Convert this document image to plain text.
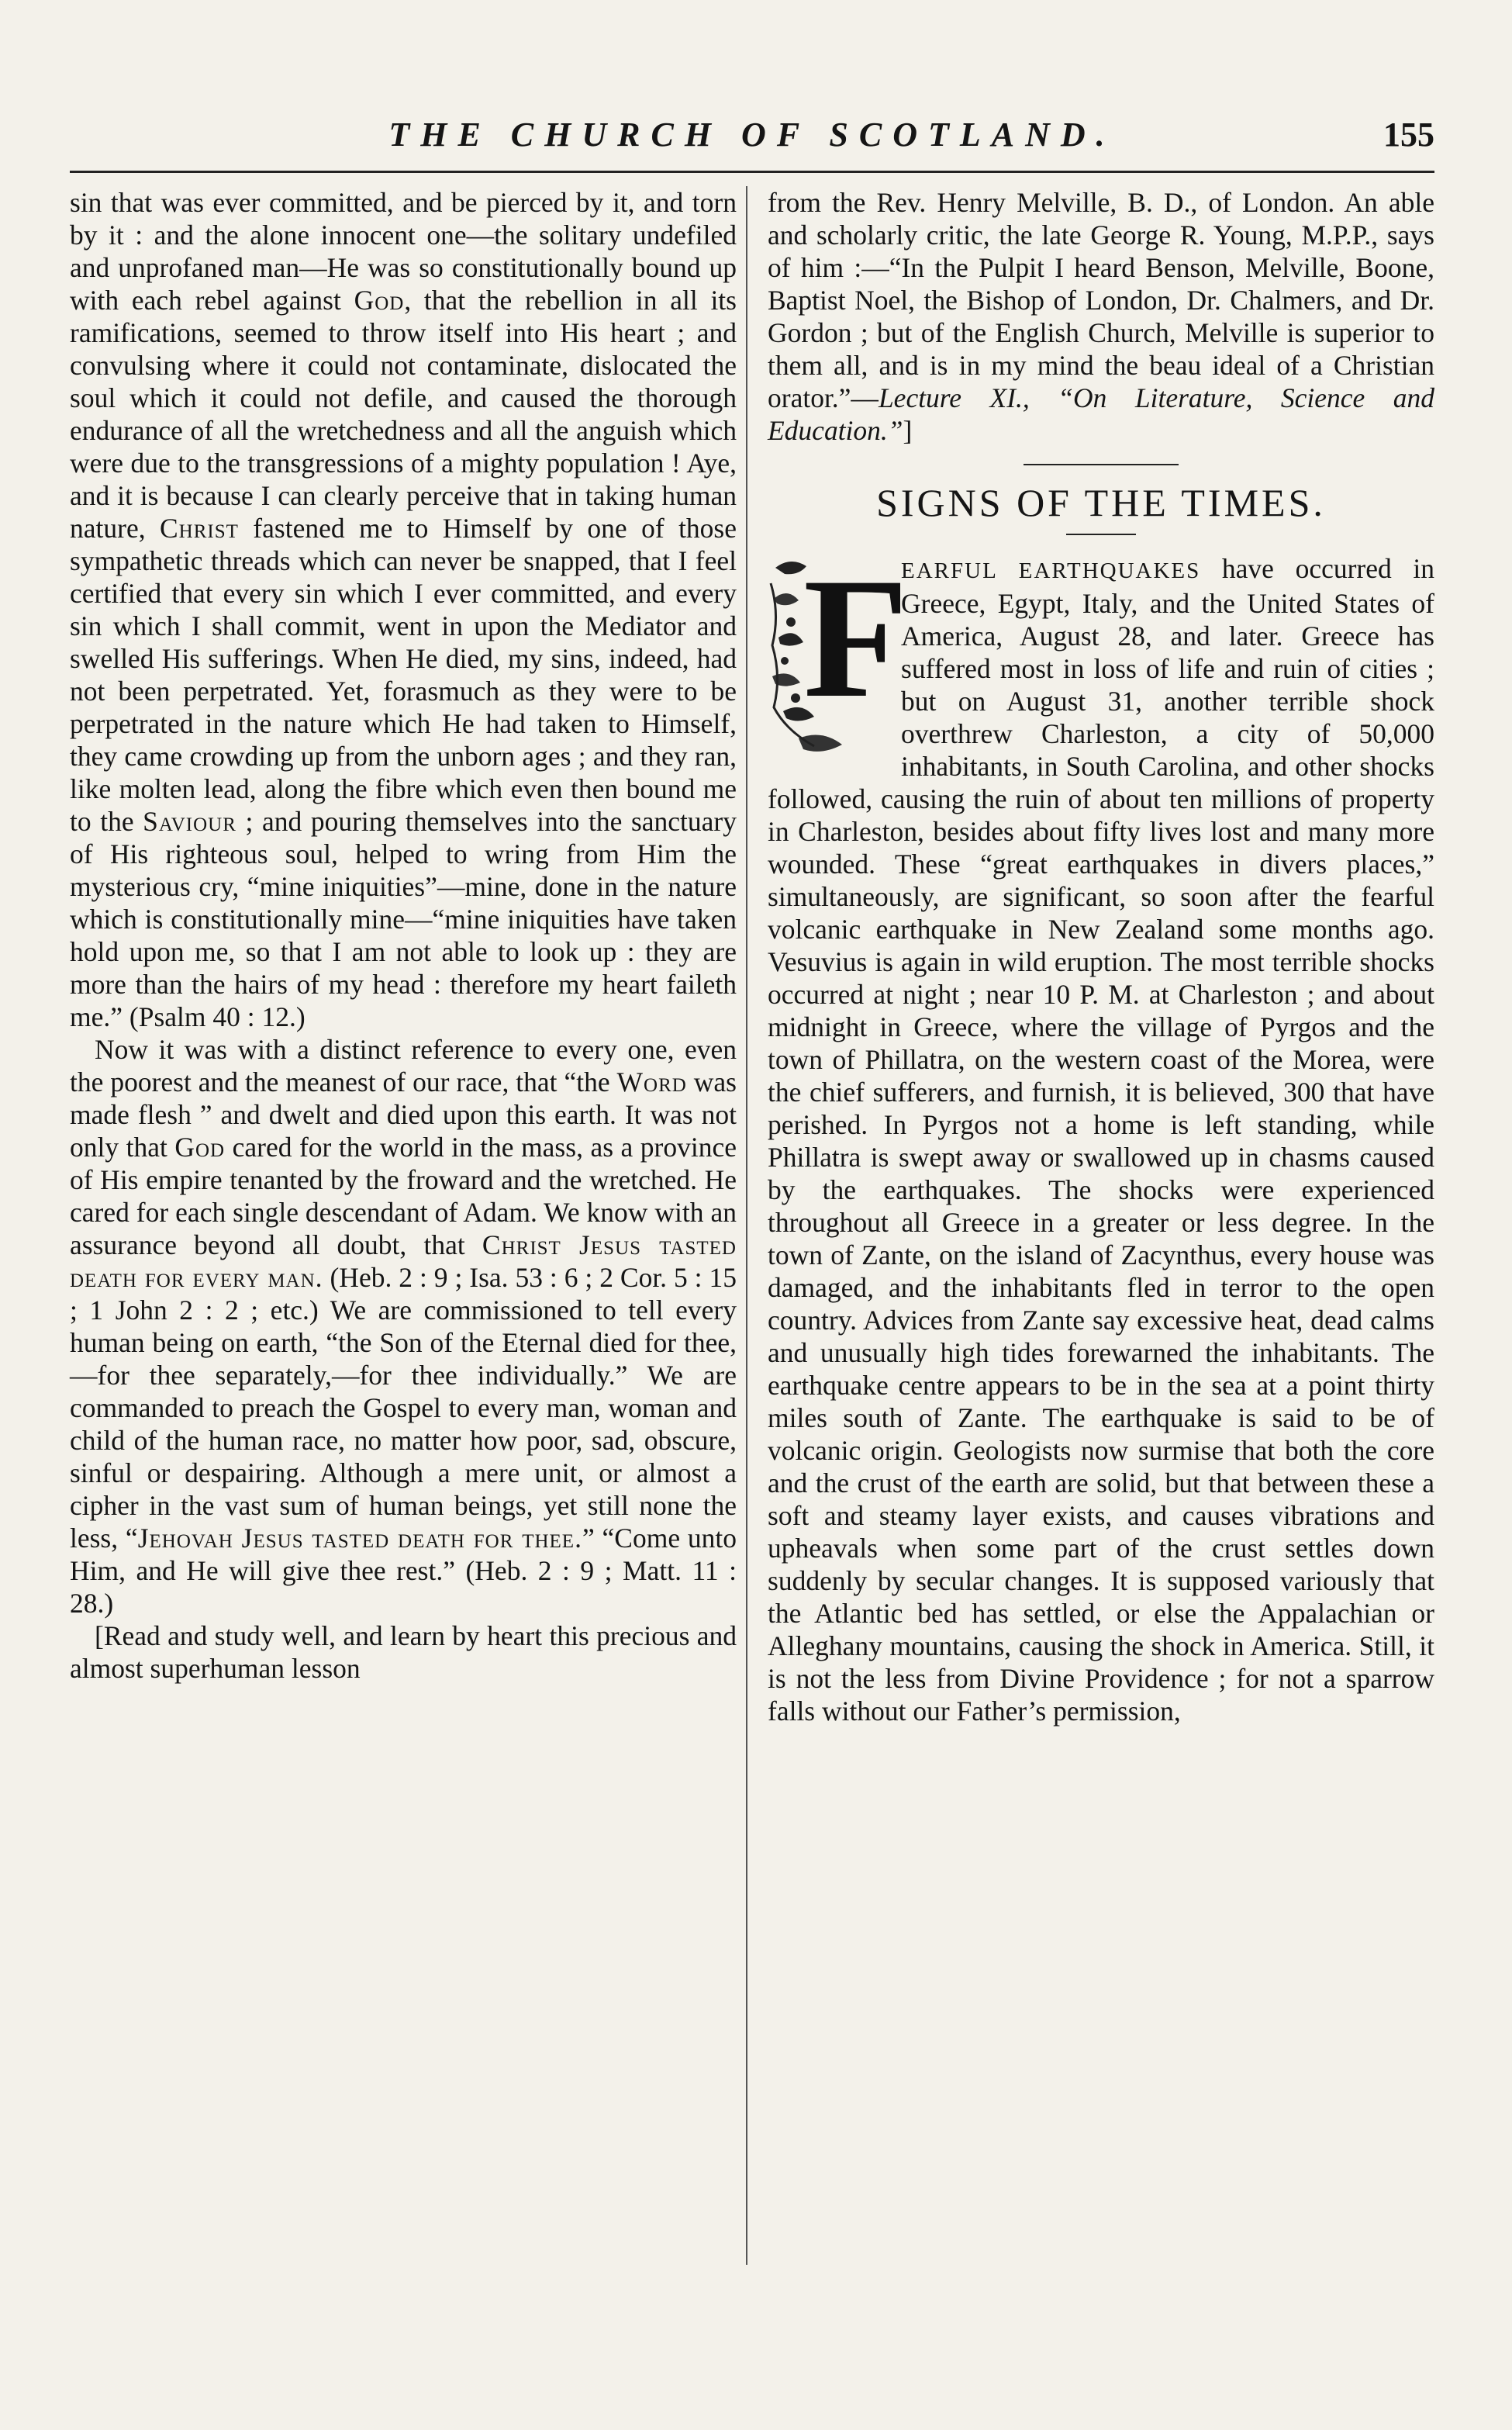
THE CHURCH OF SCOTLAND.	155

sin that was ever committed, and be pierced by it, and torn by it : and the alone innocent one—the solitary undefiled and unprofaned man—He was so constitutionally bound up with each rebel against God, that the rebellion in all its ramifications, seemed to throw itself into His heart ; and convulsing where it could not contaminate, dislocated the soul which it could not defile, and caused the thorough endurance of all the wretchedness and all the anguish which were due to the transgressions of a mighty population ! Aye, and it is because I can clearly perceive that in taking human nature, Christ fastened me to Himself by one of those sympathetic threads which can never be snapped, that I feel certified that every sin which I ever committed, and every sin which I shall commit, went in upon the Mediator and swelled His sufferings. When He died, my sins, indeed, had not been perpetrated. Yet, forasmuch as they were to be perpetrated in the nature which He had taken to Himself, they came crowding up from the unborn ages ; and they ran, like molten lead, along the fibre which even then bound me to the Saviour ; and pouring themselves into the sanctuary of His righteous soul, helped to wring from Him the mysterious cry, “mine iniquities”—mine, done in the nature which is constitutionally mine—“mine iniquities have taken hold upon me, so that I am not able to look up : they are more than the hairs of my head : therefore my heart faileth me.” (Psalm 40 : 12.)

Now it was with a distinct reference to every one, even the poorest and the meanest of our race, that “the Word was made flesh ” and dwelt and died upon this earth. It was not only that God cared for the world in the mass, as a province of His empire tenanted by the froward and the wretched. He cared for each single descendant of Adam. We know with an assurance beyond all doubt, that Christ Jesus tasted death for every man. (Heb. 2 : 9 ; Isa. 53 : 6 ; 2 Cor. 5 : 15 ; 1 John 2 : 2 ; etc.) We are commissioned to tell every human being on earth, “the Son of the Eternal died for thee,—for thee separately,—for thee individually.” We are commanded to preach the Gospel to every man, woman and child of the human race, no matter how poor, sad, obscure, sinful or despairing. Although a mere unit, or almost a cipher in the vast sum of human beings, yet still none the less, “Jehovah Jesus tasted death for thee.” “Come unto Him, and He will give thee rest.” (Heb. 2 : 9 ; Matt. 11 : 28.)

[Read and study well, and learn by heart this precious and almost superhuman lesson

from the Rev. Henry Melville, B. D., of London. An able and scholarly critic, the late George R. Young, M.P.P., says of him :—“In the Pulpit I heard Benson, Melville, Boone, Baptist Noel, the Bishop of London, Dr. Chalmers, and Dr. Gordon ; but of the English Church, Melville is superior to them all, and is in my mind the beau ideal of a Christian orator.”—Lecture XI., “On Literature, Science and Education.”]

SIGNS OF THE TIMES.

F
EARFUL EARTHQUAKES have occurred in Greece, Egypt, Italy, and the United States of America, August 28, and later. Greece has suffered most in loss of life and ruin of cities ; but on August 31, another terrible shock overthrew Charleston, a city of 50,000 inhabitants, in South Carolina, and other shocks followed, causing the ruin of about ten millions of property in Charleston, besides about fifty lives lost and many more wounded. These “great earthquakes in divers places,” simultaneously, are significant, so soon after the fearful volcanic earthquake in New Zealand some months ago. Vesuvius is again in wild eruption. The most terrible shocks occurred at night ; near 10 P. M. at Charleston ; and about midnight in Greece, where the village of Pyrgos and the town of Phillatra, on the western coast of the Morea, were the chief sufferers, and furnish, it is believed, 300 that have perished. In Pyrgos not a home is left standing, while Phillatra is swept away or swallowed up in chasms caused by the earthquakes. The shocks were experienced throughout all Greece in a greater or less degree. In the town of Zante, on the island of Zacynthus, every house was damaged, and the inhabitants fled in terror to the open country. Advices from Zante say excessive heat, dead calms and unusually high tides forewarned the inhabitants. The earthquake centre appears to be in the sea at a point thirty miles south of Zante. The earthquake is said to be of volcanic origin. Geologists now surmise that both the core and the crust of the earth are solid, but that between these a soft and steamy layer exists, and causes vibrations and upheavals when some part of the crust settles down suddenly by secular changes. It is supposed variously that the Atlantic bed has settled, or else the Appalachian or Alleghany mountains, causing the shock in America. Still, it is not the less from Divine Providence ; for not a sparrow falls without our Father’s permission,
